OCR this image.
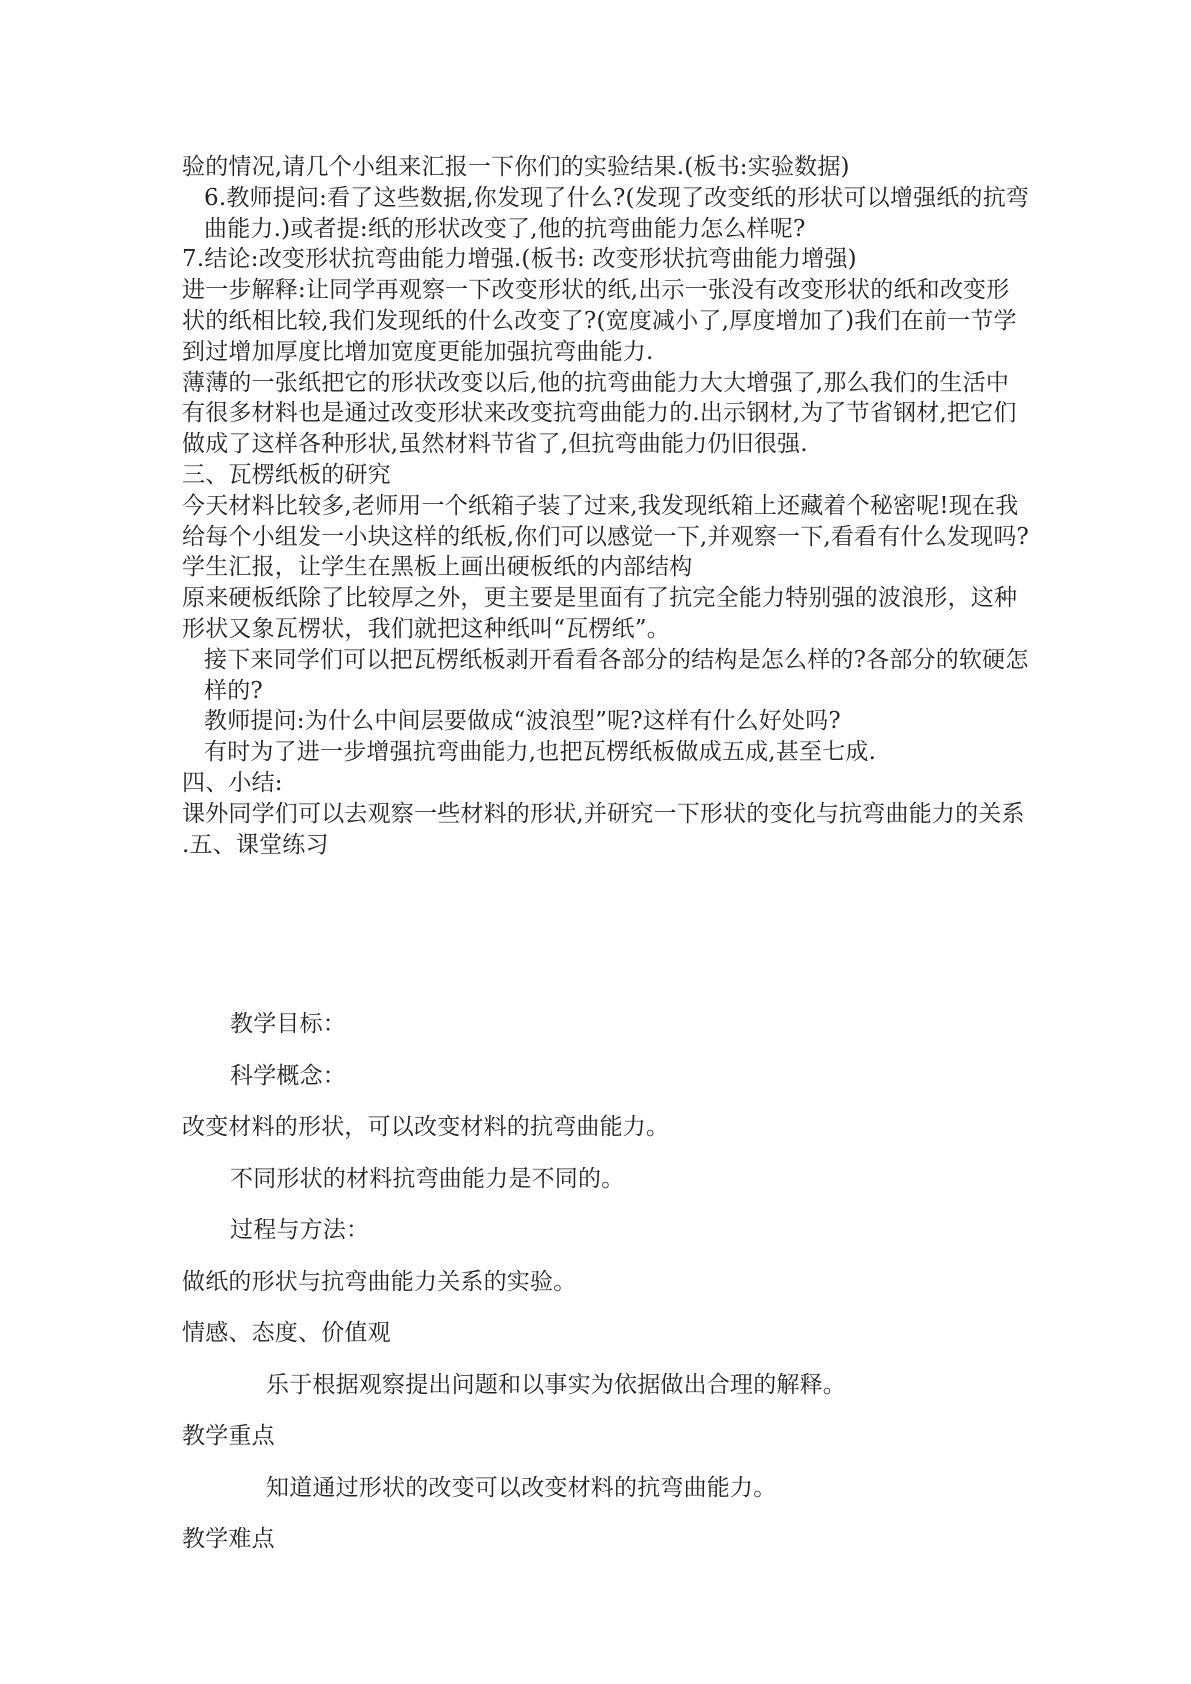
验的情况,请几个小组来汇报一下你们的实验结果.(板书:实验数据)

6.教师提问:看了这些数据,你发现了什么?(发现了改变纸的形状可以增强纸的抗弯曲能力.)或者提:纸的形状改变了,他的抗弯曲能力怎么样呢?

7.结论:改变形状抗弯曲能力增强.(板书: 改变形状抗弯曲能力增强)

进一步解释:让同学再观察一下改变形状的纸,出示一张没有改变形状的纸和改变形状的纸相比较,我们发现纸的什么改变了?(宽度减小了,厚度增加了)我们在前一节学到过增加厚度比增加宽度更能加强抗弯曲能力.

薄薄的一张纸把它的形状改变以后,他的抗弯曲能力大大增强了,那么我们的生活中有很多材料也是通过改变形状来改变抗弯曲能力的.出示钢材,为了节省钢材,把它们做成了这样各种形状,虽然材料节省了,但抗弯曲能力仍旧很强.

三、瓦楞纸板的研究

今天材料比较多,老师用一个纸箱子装了过来,我发现纸箱上还藏着个秘密呢!现在我给每个小组发一小块这样的纸板,你们可以感觉一下,并观察一下,看看有什么发现吗?

学生汇报，让学生在黑板上画出硬板纸的内部结构

原来硬板纸除了比较厚之外，更主要是里面有了抗完全能力特别强的波浪形，这种形状又象瓦楞状，我们就把这种纸叫“瓦楞纸”。

接下来同学们可以把瓦楞纸板剥开看看各部分的结构是怎么样的?各部分的软硬怎样的?

教师提问:为什么中间层要做成“波浪型”呢?这样有什么好处吗?

有时为了进一步增强抗弯曲能力,也把瓦楞纸板做成五成,甚至七成.

四、小结:

课外同学们可以去观察一些材料的形状,并研究一下形状的变化与抗弯曲能力的关系

.五、课堂练习

教学目标：

科学概念：

改变材料的形状，可以改变材料的抗弯曲能力。

不同形状的材料抗弯曲能力是不同的。

过程与方法：

做纸的形状与抗弯曲能力关系的实验。

情感、态度、价值观

乐于根据观察提出问题和以事实为依据做出合理的解释。

教学重点

知道通过形状的改变可以改变材料的抗弯曲能力。

教学难点
